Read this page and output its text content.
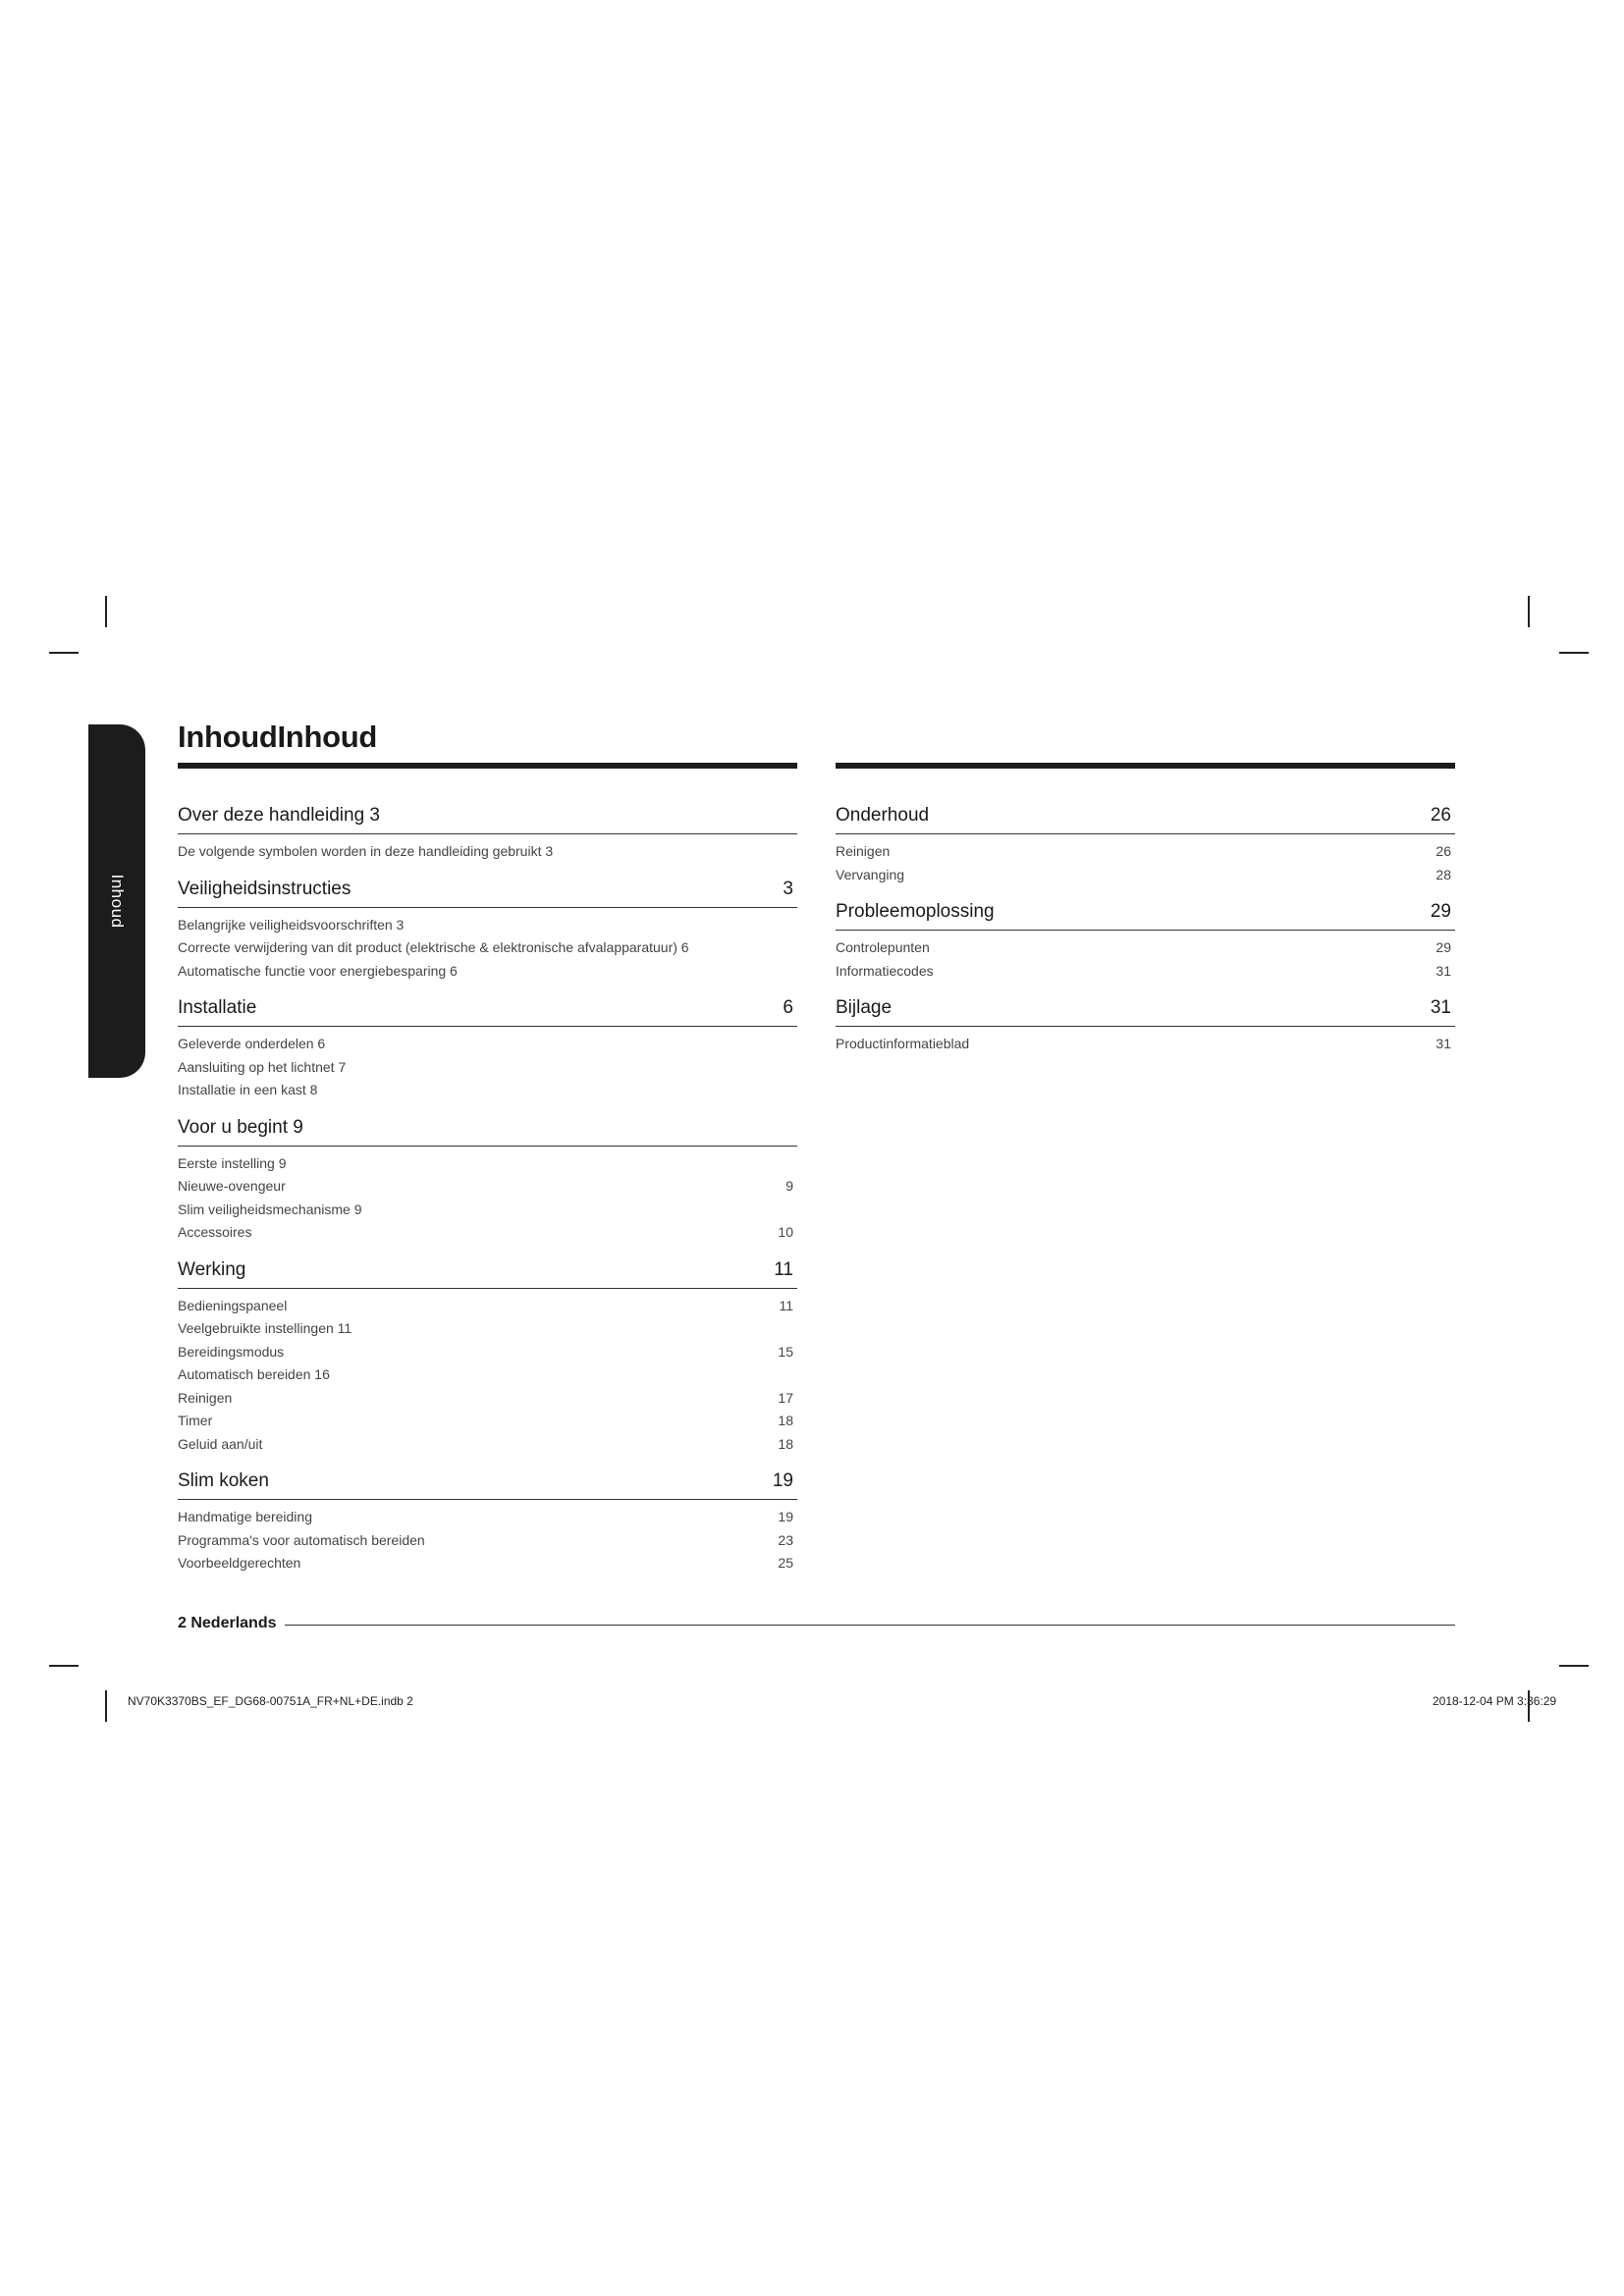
Inhoud
InhoudInhoud
Over deze handleiding 3
De volgende symbolen worden in deze handleiding gebruikt 3
Veiligheidsinstructies	3
Belangrijke veiligheidsvoorschriften 3
Correcte verwijdering van dit product (elektrische & elektronische afvalapparatuur) 6
Automatische functie voor energiebesparing 6
Installatie	6
Geleverde onderdelen 6
Aansluiting op het lichtnet 7
Installatie in een kast 8
Voor u begint 9
Eerste instelling 9
Nieuwe-ovengeur	9
Slim veiligheidsmechanisme 9
Accessoires	10
Werking	11
Bedieningspaneel	11
Veelgebruikte instellingen 11
Bereidingsmodus	15
Automatisch bereiden 16
Reinigen	17
Timer	18
Geluid aan/uit	18
Slim koken	19
Handmatige bereiding	19
Programma's voor automatisch bereiden	23
Voorbeeldgerechten	25
Onderhoud	26
Reinigen	26
Vervanging	28
Probleemoplossing	29
Controlepunten	29
Informatiecodes	31
Bijlage	31
Productinformatieblad	31
2 Nederlands
NV70K3370BS_EF_DG68-00751A_FR+NL+DE.indb 2	2018-12-04 PM 3:36:29
